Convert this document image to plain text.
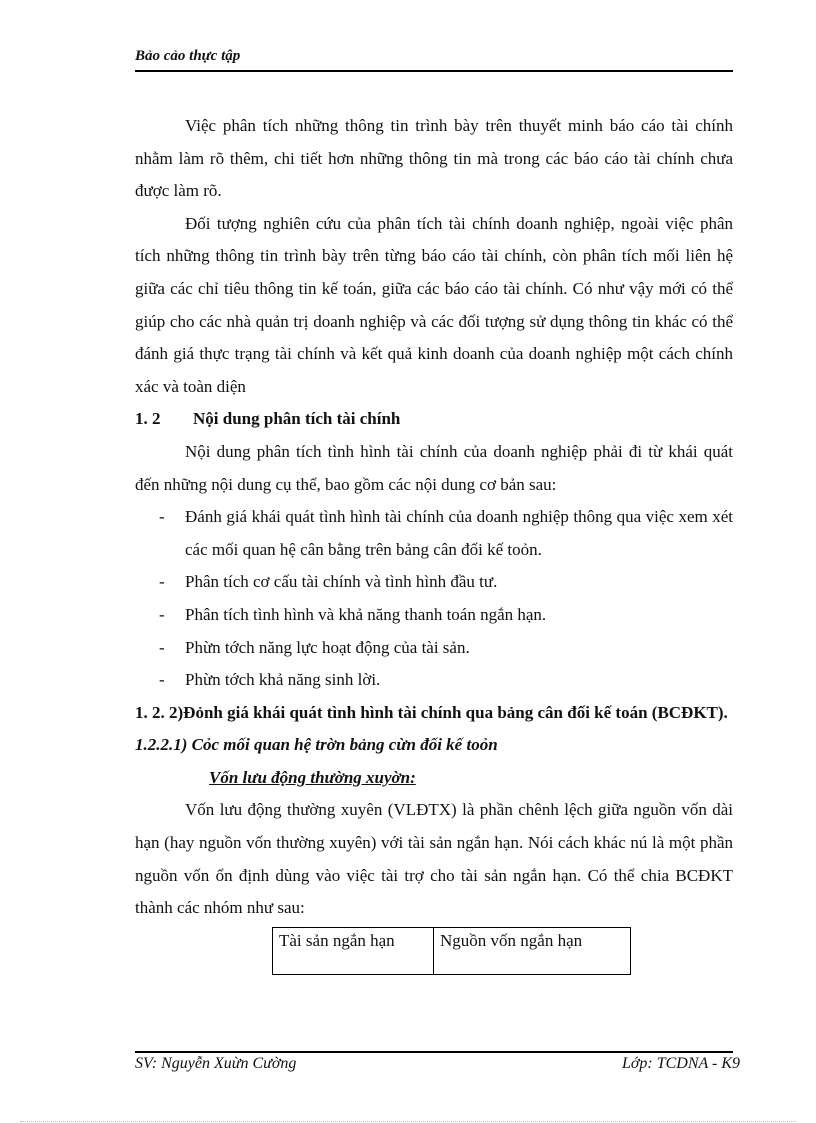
Bảo cảo thực tập

Việc phân tích những thông tin trình bày trên thuyết minh báo cáo tài chính nhằm làm rõ thêm, chi tiết hơn những thông tin mà trong các báo cáo tài chính chưa được làm rõ.

Đối tượng nghiên cứu của phân tích tài chính doanh nghiệp, ngoài việc phân tích những thông tin trình bày trên từng báo cáo tài chính, còn phân tích mối liên hệ giữa các chỉ tiêu thông tin kế toán, giữa các báo cáo tài chính. Có như vậy mới có thể giúp cho các nhà quản trị doanh nghiệp và các đối tượng sử dụng thông tin khác có thể đánh giá thực trạng tài chính và kết quả kinh doanh của doanh nghiệp một cách chính xác và toàn diện

1. 2 Nội dung phân tích tài chính

Nội dung phân tích tình hình tài chính của doanh nghiệp phải đi từ khái quát đến những nội dung cụ thể, bao gồm các nội dung cơ bản sau:

- Đánh giá khái quát tình hình tài chính của doanh nghiệp thông qua việc xem xét các mối quan hệ cân bằng trên bảng cân đối kế toỏn.
- Phân tích cơ cấu tài chính và tình hình đầu tư.
- Phân tích tình hình và khả năng thanh toán ngắn hạn.
- Phừn tớch năng lực hoạt động của tài sản.
- Phừn tớch khả năng sinh lời.
1. 2. 2)Đỏnh giá khái quát tình hình tài chính qua bảng cân đối kế toán (BCĐKT).
1.2.2.1) Cỏc mối quan hệ trờn bảng cừn đối kế toỏn
Vốn lưu động thường xuyờn:

Vốn lưu động thường xuyên (VLĐTX) là phần chênh lệch giữa nguồn vốn dài hạn (hay nguồn vốn thường xuyên) với tài sản ngắn hạn. Nói cách khác nú là một phần nguồn vốn ổn định dùng vào việc tài trợ cho tài sản ngắn hạn. Có thể chia BCĐKT thành các nhóm như sau:

Tài sản ngắn hạn	Nguồn vốn ngắn hạn
SV: Nguyễn Xuừn Cường	Lớp: TCDNA - K9
